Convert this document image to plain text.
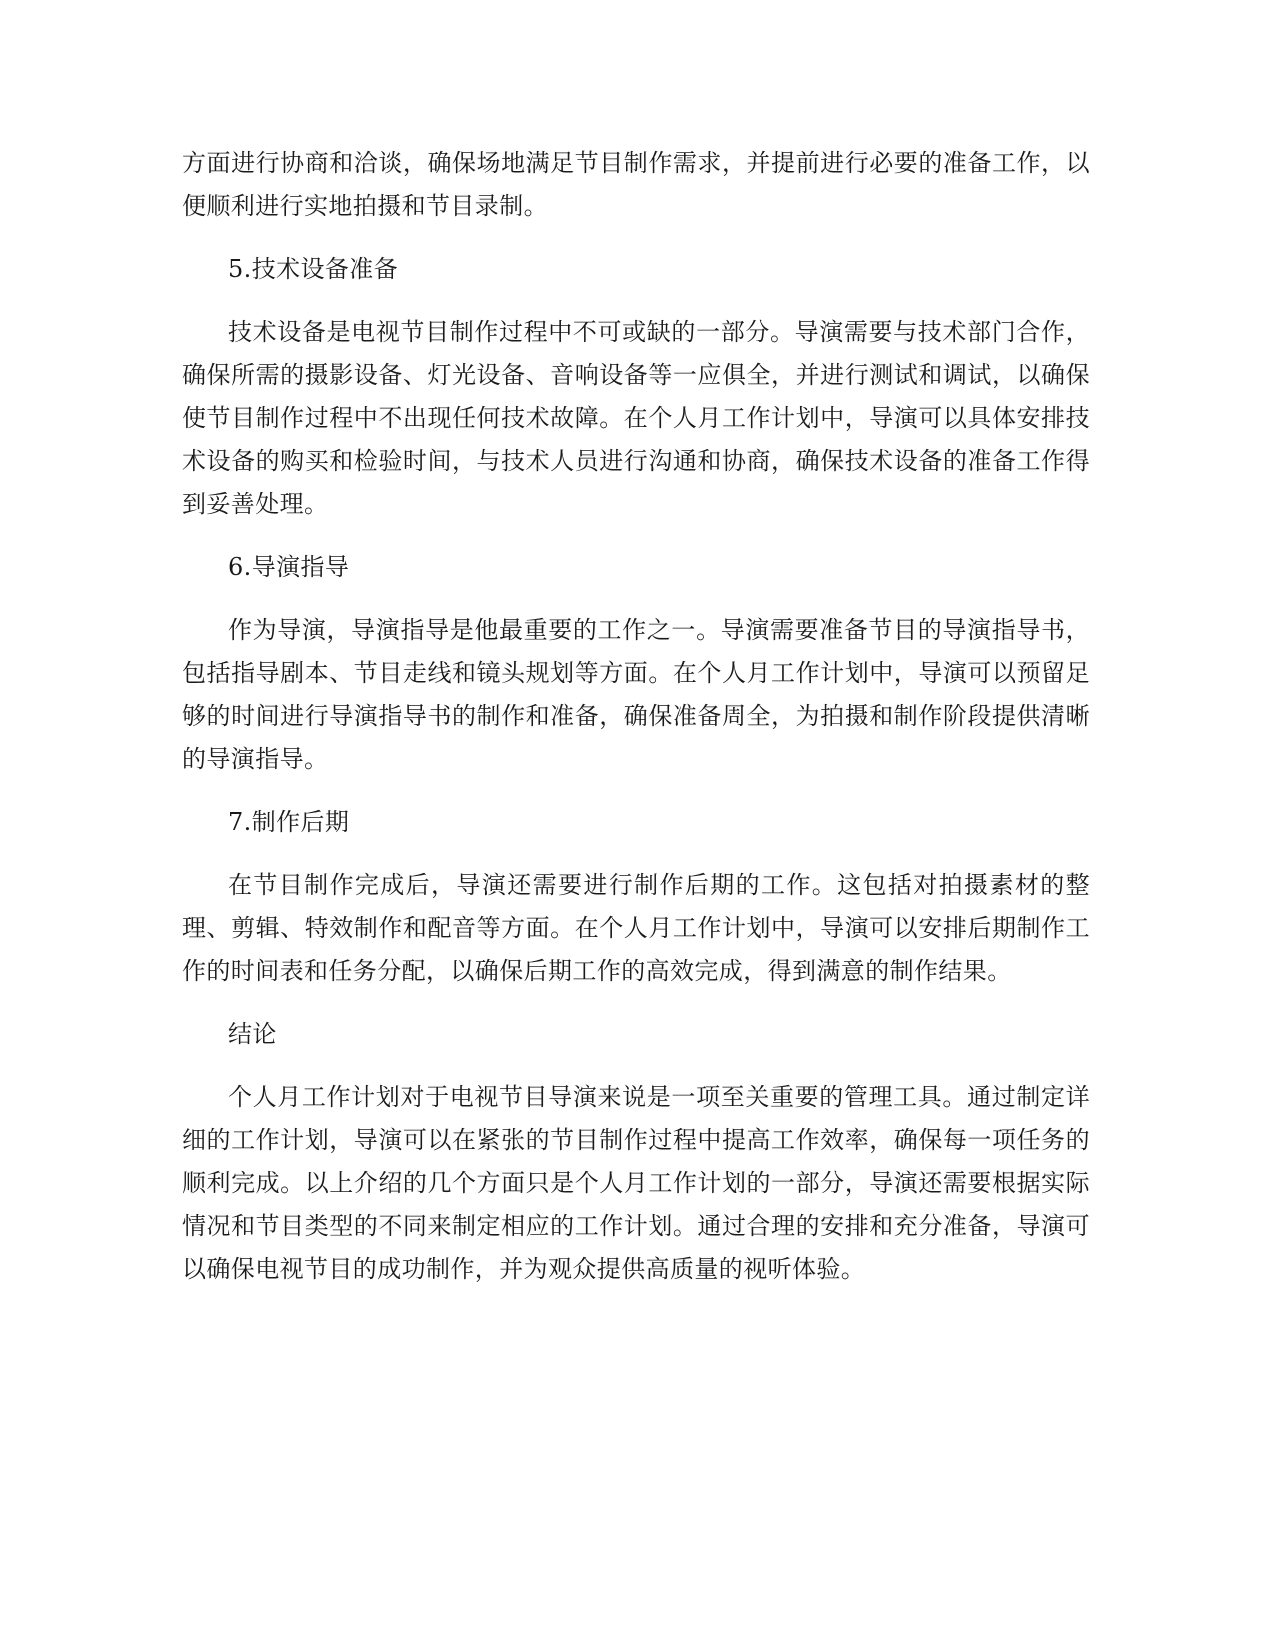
方面进行协商和洽谈，确保场地满足节目制作需求，并提前进行必要的准备工作，以便顺利进行实地拍摄和节目录制。

5.技术设备准备

技术设备是电视节目制作过程中不可或缺的一部分。导演需要与技术部门合作，确保所需的摄影设备、灯光设备、音响设备等一应俱全，并进行测试和调试，以确保使节目制作过程中不出现任何技术故障。在个人月工作计划中，导演可以具体安排技术设备的购买和检验时间，与技术人员进行沟通和协商，确保技术设备的准备工作得到妥善处理。

6.导演指导

作为导演，导演指导是他最重要的工作之一。导演需要准备节目的导演指导书，包括指导剧本、节目走线和镜头规划等方面。在个人月工作计划中，导演可以预留足够的时间进行导演指导书的制作和准备，确保准备周全，为拍摄和制作阶段提供清晰的导演指导。

7.制作后期

在节目制作完成后，导演还需要进行制作后期的工作。这包括对拍摄素材的整理、剪辑、特效制作和配音等方面。在个人月工作计划中，导演可以安排后期制作工作的时间表和任务分配，以确保后期工作的高效完成，得到满意的制作结果。

结论

个人月工作计划对于电视节目导演来说是一项至关重要的管理工具。通过制定详细的工作计划，导演可以在紧张的节目制作过程中提高工作效率，确保每一项任务的顺利完成。以上介绍的几个方面只是个人月工作计划的一部分，导演还需要根据实际情况和节目类型的不同来制定相应的工作计划。通过合理的安排和充分准备，导演可以确保电视节目的成功制作，并为观众提供高质量的视听体验。
